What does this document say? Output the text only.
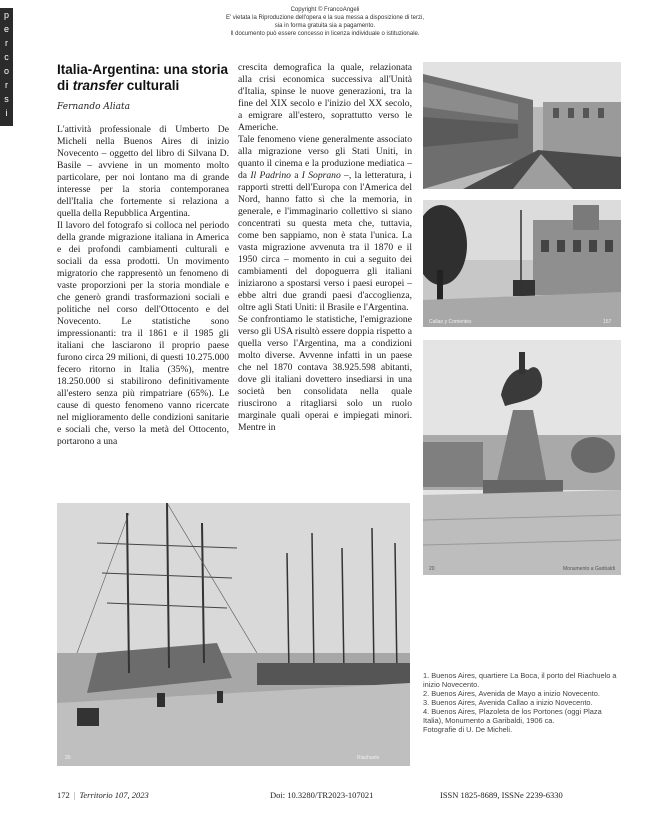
Copyright © FrancoAngeli
E' vietata la Riproduzione dell'opera e la sua messa a disposizione di terzi,
sia in forma gratuita sia a pagamento.
Il documento può essere concesso in licenza individuale o istituzionale.
p
e
r
c
o
r
s
i
Italia-Argentina: una storia
di transfer culturali
Fernando Aliata

L'attività professionale di Umberto De Micheli nella Buenos Aires di inizio Novecento – oggetto del libro di Silvana D. Basile – avviene in un momento molto particolare, per noi lontano ma di grande interesse per la storia contemporanea dell'Italia che fortemente si relaziona a quella della Repubblica Argentina.

Il lavoro del fotografo si colloca nel periodo della grande migrazione italiana in America e dei profondi cambiamenti culturali e sociali da essa prodotti. Un movimento migratorio che rappresentò un fenomeno di vaste proporzioni per la storia mondiale e che generò grandi trasformazioni sociali e politiche nel corso dell'Ottocento e del Novecento. Le statistiche sono impressionanti: tra il 1861 e il 1985 gli italiani che lasciarono il proprio paese furono circa 29 milioni, di questi 10.275.000 fecero ritorno in Italia (35%), mentre 18.250.000 si stabilirono definitivamente all'estero senza più rimpatriare (65%). Le cause di questo fenomeno vanno ricercate nel miglioramento delle condizioni sanitarie e sociali che, verso la metà del Ottocento, portarono a una

crescita demografica la quale, relazionata alla crisi economica successiva all'Unità d'Italia, spinse le nuove generazioni, tra la fine del XIX secolo e l'inizio del XX secolo, a emigrare all'estero, soprattutto verso le Americhe.

Tale fenomeno viene generalmente associato alla migrazione verso gli Stati Uniti, in quanto il cinema e la produzione mediatica – da Il Padrino a I Soprano –, la letteratura, i rapporti stretti dell'Europa con l'America del Nord, hanno fatto sì che la memoria, in generale, e l'immaginario collettivo si siano concentrati su questa meta che, tuttavia, come ben sappiamo, non è stata l'unica. La vasta migrazione avvenuta tra il 1870 e il 1950 circa – momento in cui a seguito dei cambiamenti del dopoguerra gli italiani iniziarono a spostarsi verso i paesi europei – ebbe altri due grandi paesi d'accoglienza, oltre agli Stati Uniti: il Brasile e l'Argentina.

Se confrontiamo le statistiche, l'emigrazione verso gli USA risultò essere doppia rispetto a quella verso l'Argentina, ma a condizioni molto diverse. Avvenne infatti in un paese che nel 1870 contava 38.925.598 abitanti, dove gli italiani dovettero insediarsi in una società ben consolidata nella quale riuscirono a ritagliarsi solo un ruolo marginale quali operai e impiegati minori. Mentre in

Callao y Corrientes	157
20	Monumento a Garibaldi
20	Riachuelo
1. Buenos Aires, quartiere La Boca, il porto del Riachuelo a inizio Novecento.
2. Buenos Aires, Avenida de Mayo a inizio Novecento.
3. Buenos Aires, Avenida Callao a inizio Novecento.
4. Buenos Aires, Plazoleta de los Portones (oggi Plaza Italia), Monumento a Garibaldi, 1906 ca.
Fotografie di U. De Micheli.
172 | Territorio 107, 2023	Doi: 10.3280/TR2023-107021	ISSN 1825-8689, ISSNe 2239-6330
